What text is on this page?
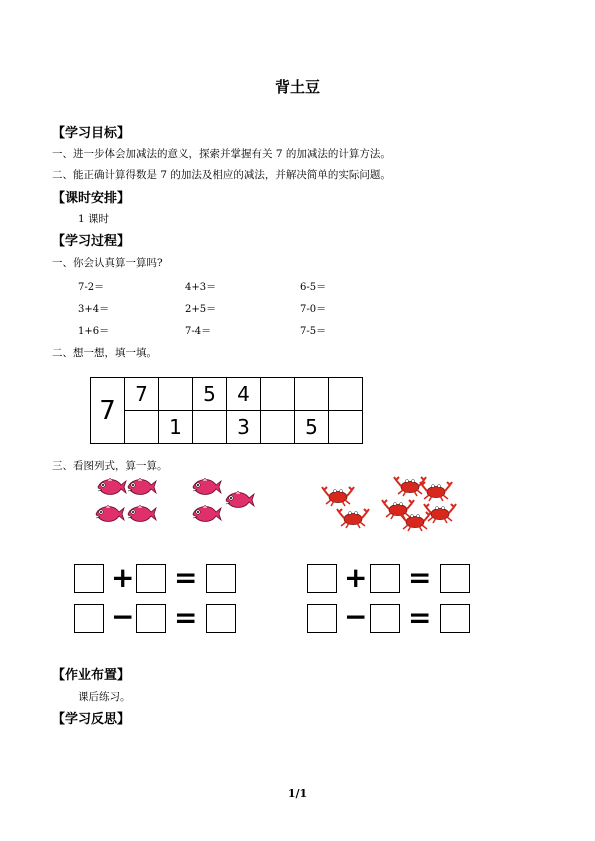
背土豆
【学习目标】
一、进一步体会加减法的意义，探索并掌握有关 7 的加减法的计算方法。
二、能正确计算得数是 7 的加法及相应的减法，并解决简单的实际问题。
【课时安排】
1 课时
【学习过程】
一、你会认真算一算吗?
7-2＝	4+3＝	6-5＝
3+4＝	2+5＝	7-0＝
1+6＝	7-4＝	7-5＝
二、想一想，填一填。
7	7		5	4			
		1		3		5	
三、看图列式，算一算。
+ =
− =
+ =
− =
【作业布置】
课后练习。
【学习反思】
1/1
